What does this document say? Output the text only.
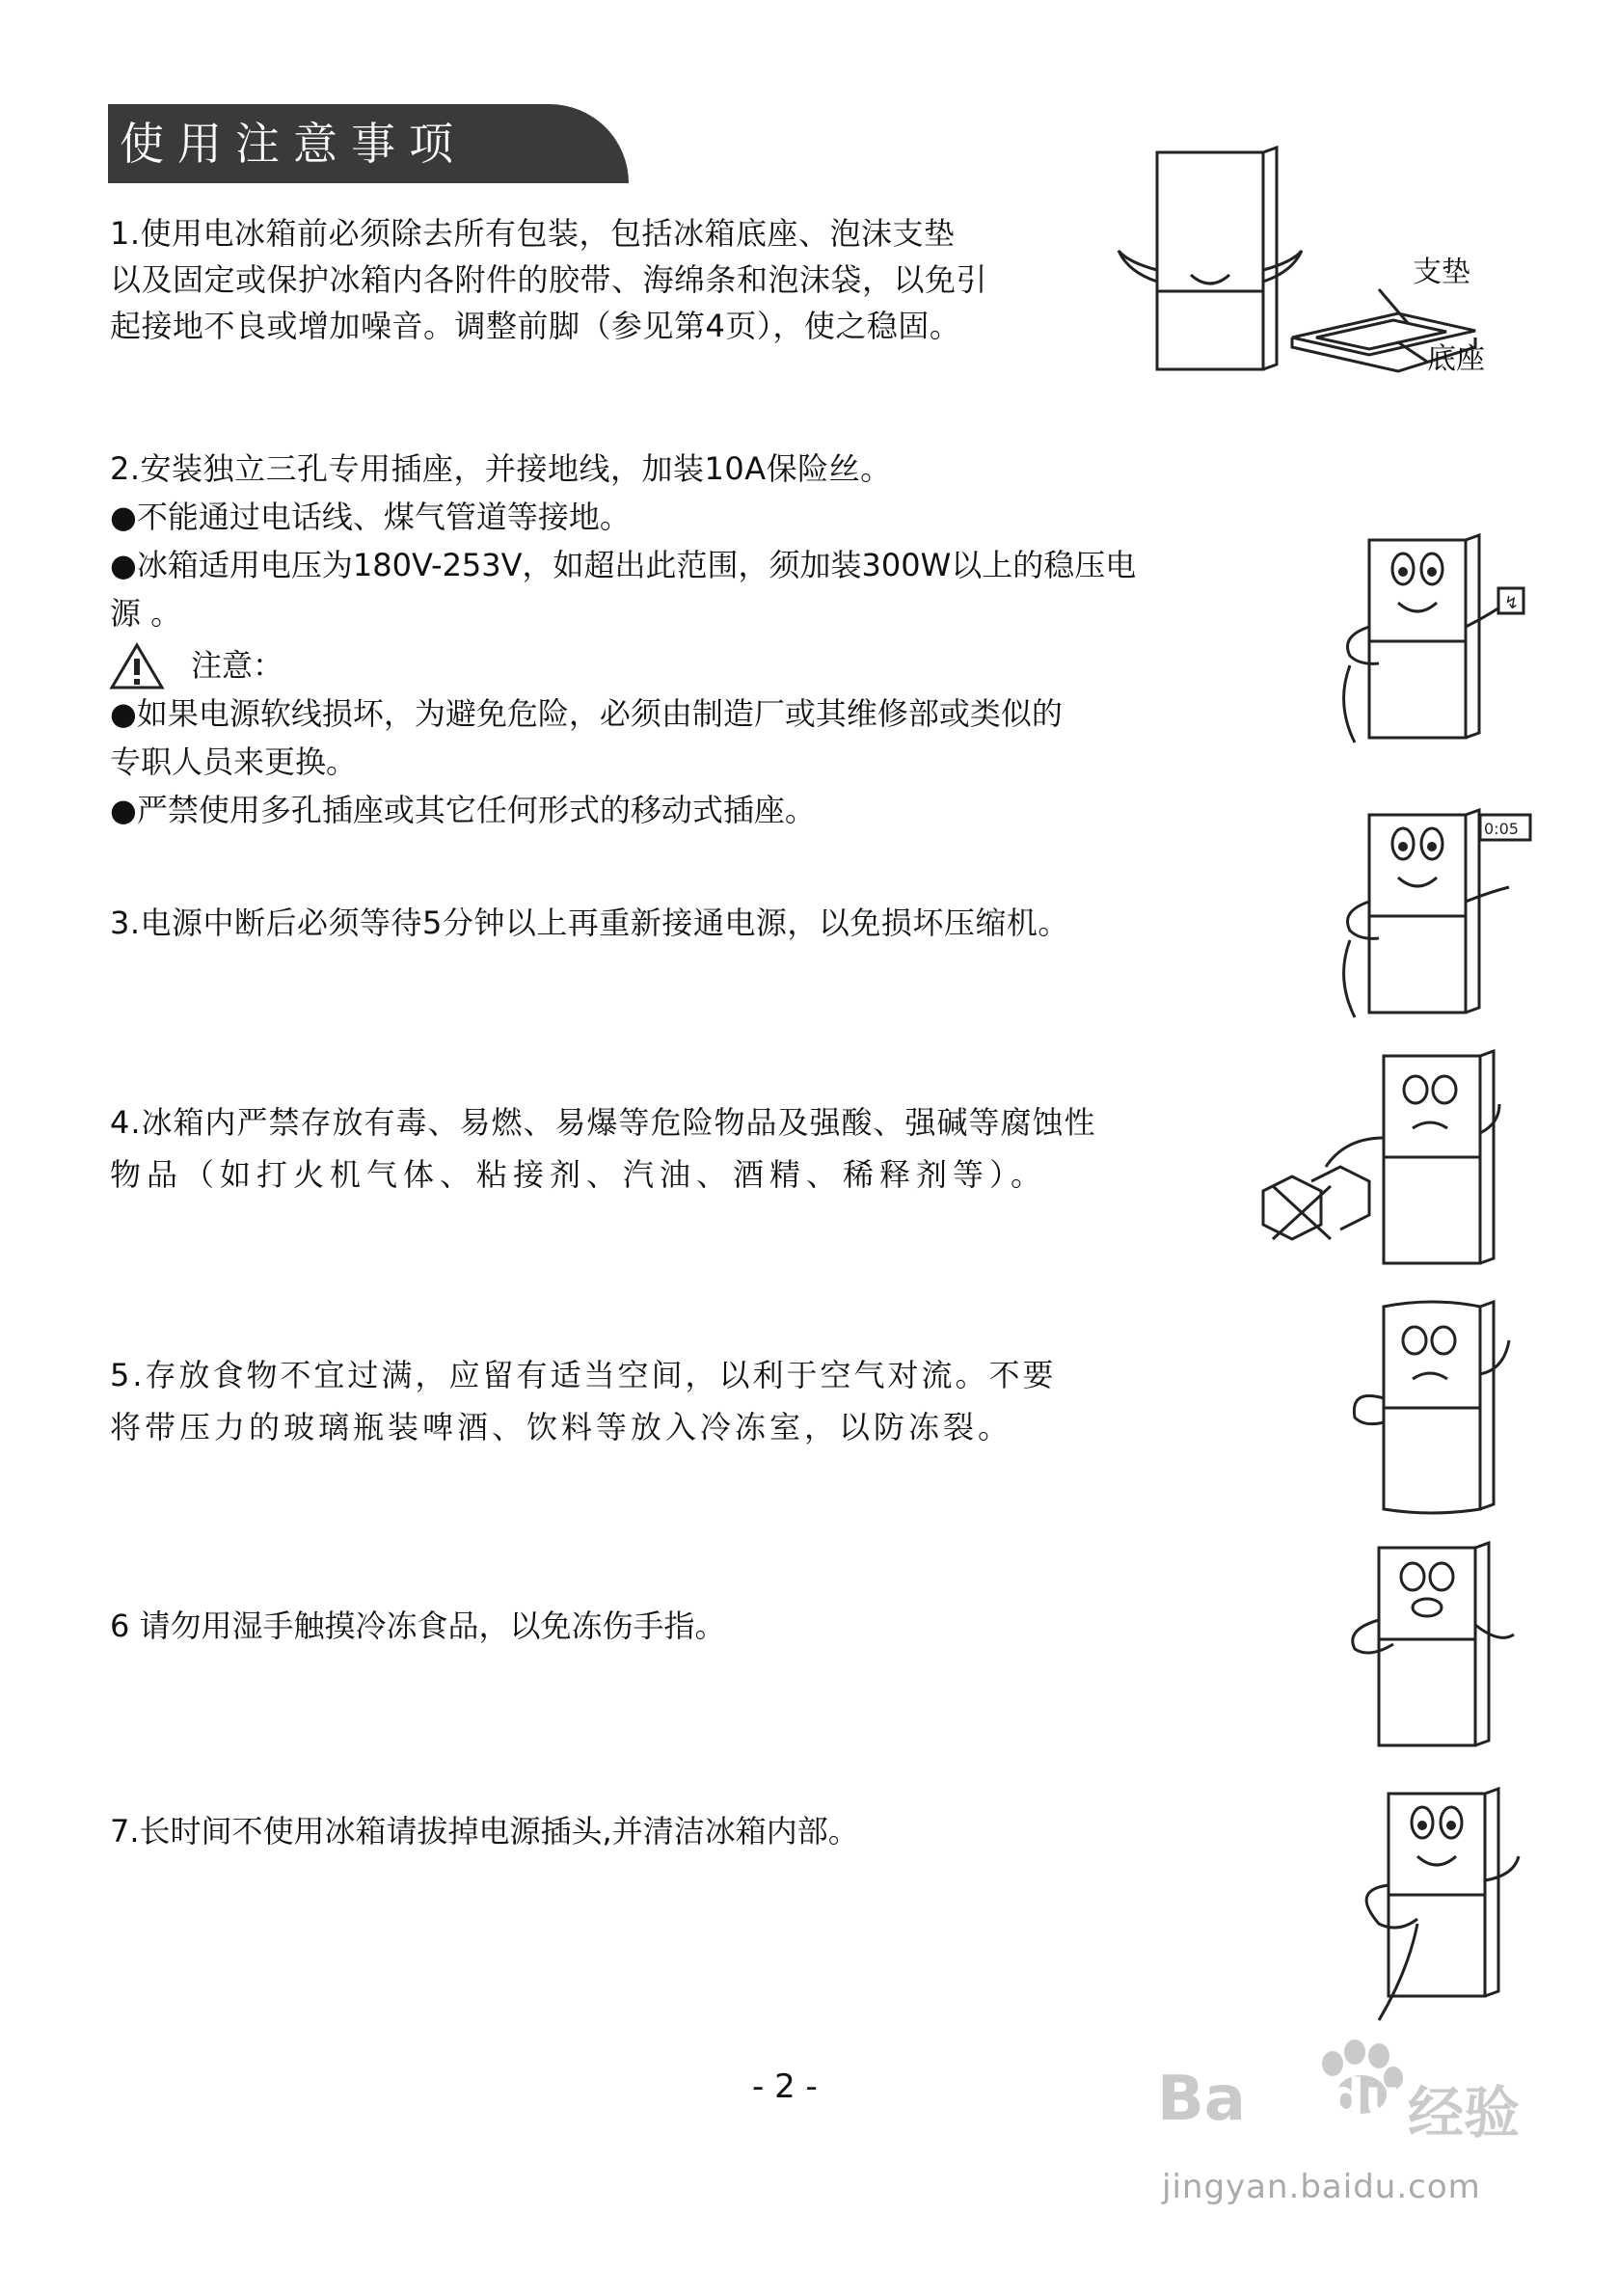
使用注意事项
1.使用电冰箱前必须除去所有包装，包括冰箱底座、泡沫支垫
以及固定或保护冰箱内各附件的胶带、海绵条和泡沫袋，以免引
起接地不良或增加噪音。调整前脚（参见第4页），使之稳固。
支垫
底座
2.安装独立三孔专用插座，并接地线，加装10A保险丝。
●不能通过电话线、煤气管道等接地。
●冰箱适用电压为180V-253V，如超出此范围，须加装300W以上的稳压电
源 。
注意：
●如果电源软线损坏，为避免危险，必须由制造厂或其维修部或类似的
专职人员来更换。
●严禁使用多孔插座或其它任何形式的移动式插座。
↯
3.电源中断后必须等待5分钟以上再重新接通电源，以免损坏压缩机。
0:05
4.冰箱内严禁存放有毒、易燃、易爆等危险物品及强酸、强碱等腐蚀性
物品（如打火机气体、粘接剂、汽油、酒精、稀释剂等）。
5.存放食物不宜过满，应留有适当空间，以利于空气对流。不要
将带压力的玻璃瓶装啤酒、饮料等放入冷冻室，以防冻裂。
6 请勿用湿手触摸冷冻食品，以免冻伤手指。
7.长时间不使用冰箱请拔掉电源插头,并清洁冰箱内部。
- 2 -	Ba du 经验
jingyan.baidu.com
